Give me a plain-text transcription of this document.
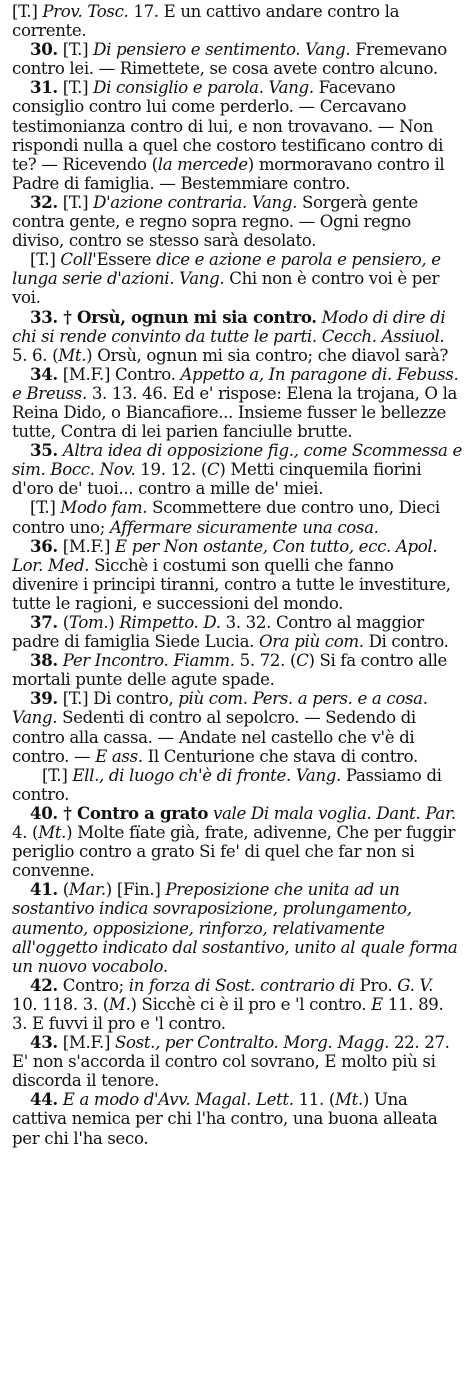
[T.] Prov. Tosc. 17. E un cattivo andare contro la corrente.

30. [T.] Di pensiero e sentimento. Vang. Fremevano contro lei. — Rimettete, se cosa avete contro alcuno.

31. [T.] Di consiglio e parola. Vang. Facevano consiglio contro lui come perderlo. — Cercavano testimonianza contro di lui, e non trovavano. — Non rispondi nulla a quel che costoro testificano contro di te? — Ricevendo (la mercede) mormoravano contro il Padre di famiglia. — Bestemmiare contro.

32. [T.] D'azione contraria. Vang. Sorgerà gente contra gente, e regno sopra regno. — Ogni regno diviso, contro se stesso sarà desolato.

[T.] Coll'Essere dice e azione e parola e pensiero, e lunga serie d'azioni. Vang. Chi non è contro voi è per voi.

33. † Orsù, ognun mi sia contro. Modo di dire di chi si rende convinto da tutte le parti. Cecch. Assiuol. 5. 6. (Mt.) Orsù, ognun mi sia contro; che diavol sarà?

34. [M.F.] Contro. Appetto a, In paragone di. Febuss. e Breuss. 3. 13. 46. Ed e' rispose: Elena la trojana, O la Reina Dido, o Biancafiore... Insieme fusser le bellezze tutte, Contra di lei parien fanciulle brutte.

35. Altra idea di opposizione fig., come Scommessa e sim. Bocc. Nov. 19. 12. (C) Metti cinquemila fiorini d'oro de' tuoi... contro a mille de' miei.

[T.] Modo fam. Scommettere due contro uno, Dieci contro uno; Affermare sicuramente una cosa.

36. [M.F.] E per Non ostante, Con tutto, ecc. Apol. Lor. Med. Sicchè i costumi son quelli che fanno divenire i principi tiranni, contro a tutte le investiture, tutte le ragioni, e successioni del mondo.

37. (Tom.) Rimpetto. D. 3. 32. Contro al maggior padre di famiglia Siede Lucia. Ora più com. Di contro.

38. Per Incontro. Fiamm. 5. 72. (C) Si fa contro alle mortali punte delle agute spade.

39. [T.] Di contro, più com. Pers. a pers. e a cosa. Vang. Sedenti di contro al sepolcro. — Sedendo di contro alla cassa. — Andate nel castello che v'è di contro. — E ass. Il Centurione che stava di contro.

[T.] Ell., di luogo ch'è di fronte. Vang. Passiamo di contro.

40. † Contro a grato vale Di mala voglia. Dant. Par. 4. (Mt.) Molte fïate già, frate, adivenne, Che per fuggir periglio contro a grato Si fe' di quel che far non si convenne.

41. (Mar.) [Fin.] Preposizione che unita ad un sostantivo indica sovraposizione, prolungamento, aumento, opposizione, rinforzo, relativamente all'oggetto indicato dal sostantivo, unito al quale forma un nuovo vocabolo.

42. Contro; in forza di Sost. contrario di Pro. G. V. 10. 118. 3. (M.) Sicchè ci è il pro e 'l contro. E 11. 89. 3. E fuvvi il pro e 'l contro.

43. [M.F.] Sost., per Contralto. Morg. Magg. 22. 27. E' non s'accorda il contro col sovrano, E molto più si discorda il tenore.

44. E a modo d'Avv. Magal. Lett. 11. (Mt.) Una cattiva nemica per chi l'ha contro, una buona alleata per chi l'ha seco.
